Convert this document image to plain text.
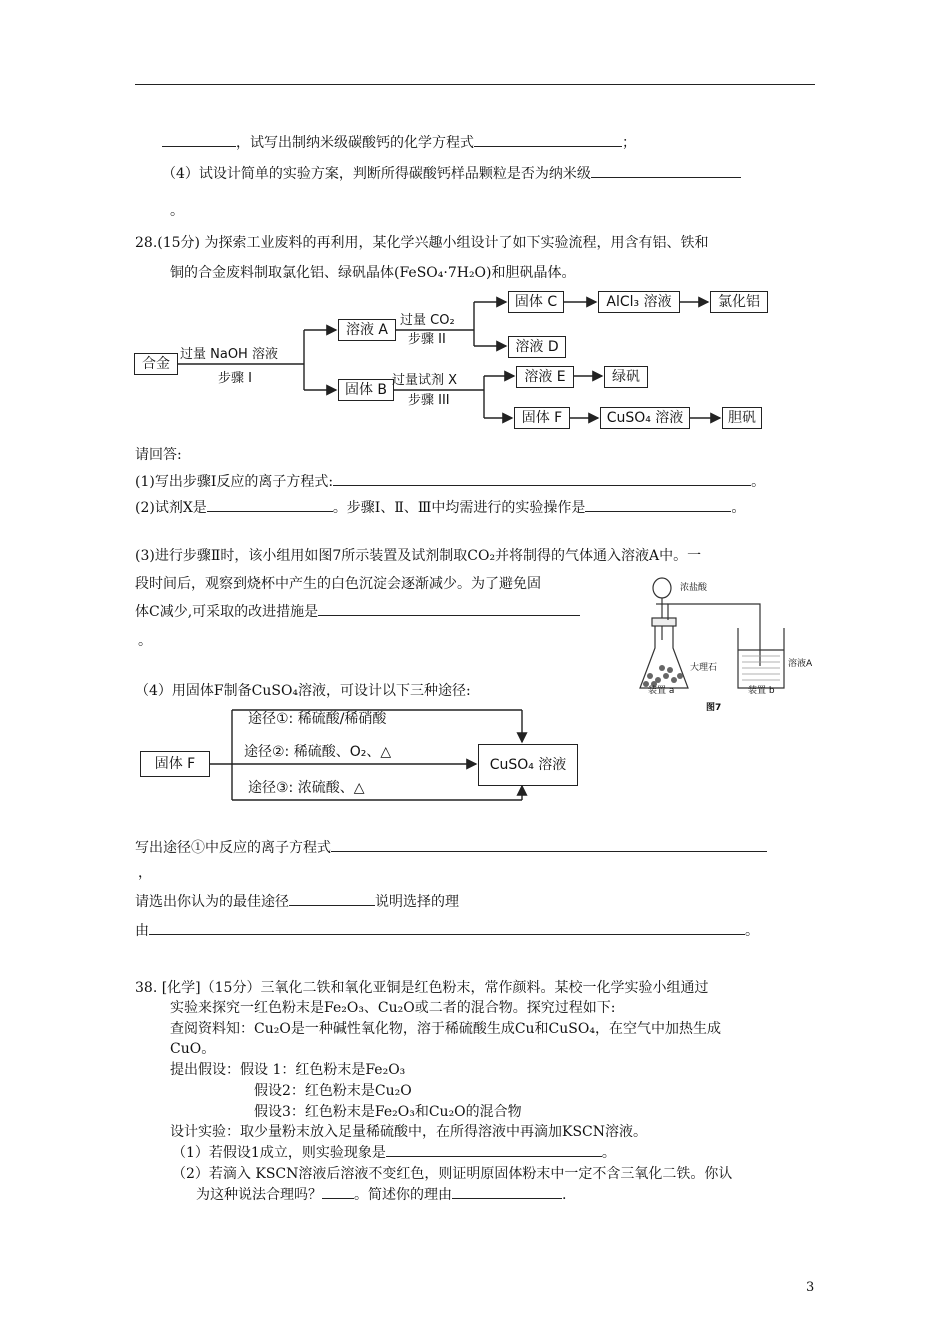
，试写出制纳米级碳酸钙的化学方程式	；
（4）试设计简单的实验方案，判断所得碳酸钙样品颗粒是否为纳米级
。
28.(15分) 为探索工业废料的再利用，某化学兴趣小组设计了如下实验流程，用含有铝、铁和
铜的合金废料制取氯化铝、绿矾晶体(FeSO₄·7H₂O)和胆矾晶体。
合金
过量 NaOH 溶液
步骤 I
溶液 A
过量 CO₂
步骤 II
固体 C	AlCl₃ 溶液	氯化铝
溶液 D
固体 B
过量试剂 X
步骤 III
溶液 E	绿矾
固体 F	CuSO₄ 溶液	胆矾
请回答:
(1)写出步骤Ⅰ反应的离子方程式:	。
(2)试剂X是	。步骤Ⅰ、Ⅱ、Ⅲ中均需进行的实验操作是	。
(3)进行步骤Ⅱ时，该小组用如图7所示装置及试剂制取CO₂并将制得的气体通入溶液A中。一
段时间后，观察到烧杯中产生的白色沉淀会逐渐减少。为了避免固
体C减少,可采取的改进措施是
。
浓盐酸
大理石	溶液A
装置 a	装置 b
图7
（4）用固体F制备CuSO₄溶液，可设计以下三种途径:
固体 F
途径①: 稀硫酸/稀硝酸
途径②: 稀硫酸、O₂、△
途径③: 浓硫酸、△
CuSO₄ 溶液
写出途径①中反应的离子方程式
，
请选出你认为的最佳途径	说明选择的理
由	。
38. [化学]（15分）三氧化二铁和氧化亚铜是红色粉末，常作颜料。某校一化学实验小组通过
实验来探究一红色粉末是Fe₂O₃、Cu₂O或二者的混合物。探究过程如下:
查阅资料知：Cu₂O是一种碱性氧化物，溶于稀硫酸生成Cu和CuSO₄，在空气中加热生成
CuO。
提出假设：假设 1：红色粉末是Fe₂O₃
假设2：红色粉末是Cu₂O
假设3：红色粉末是Fe₂O₃和Cu₂O的混合物
设计实验：取少量粉末放入足量稀硫酸中，在所得溶液中再滴加KSCN溶液。
（1）若假设1成立，则实验现象是	。
（2）若滴入 KSCN溶液后溶液不变红色，则证明原固体粉末中一定不含三氧化二铁。你认
为这种说法合理吗？ 。简述你的理由	.
3
